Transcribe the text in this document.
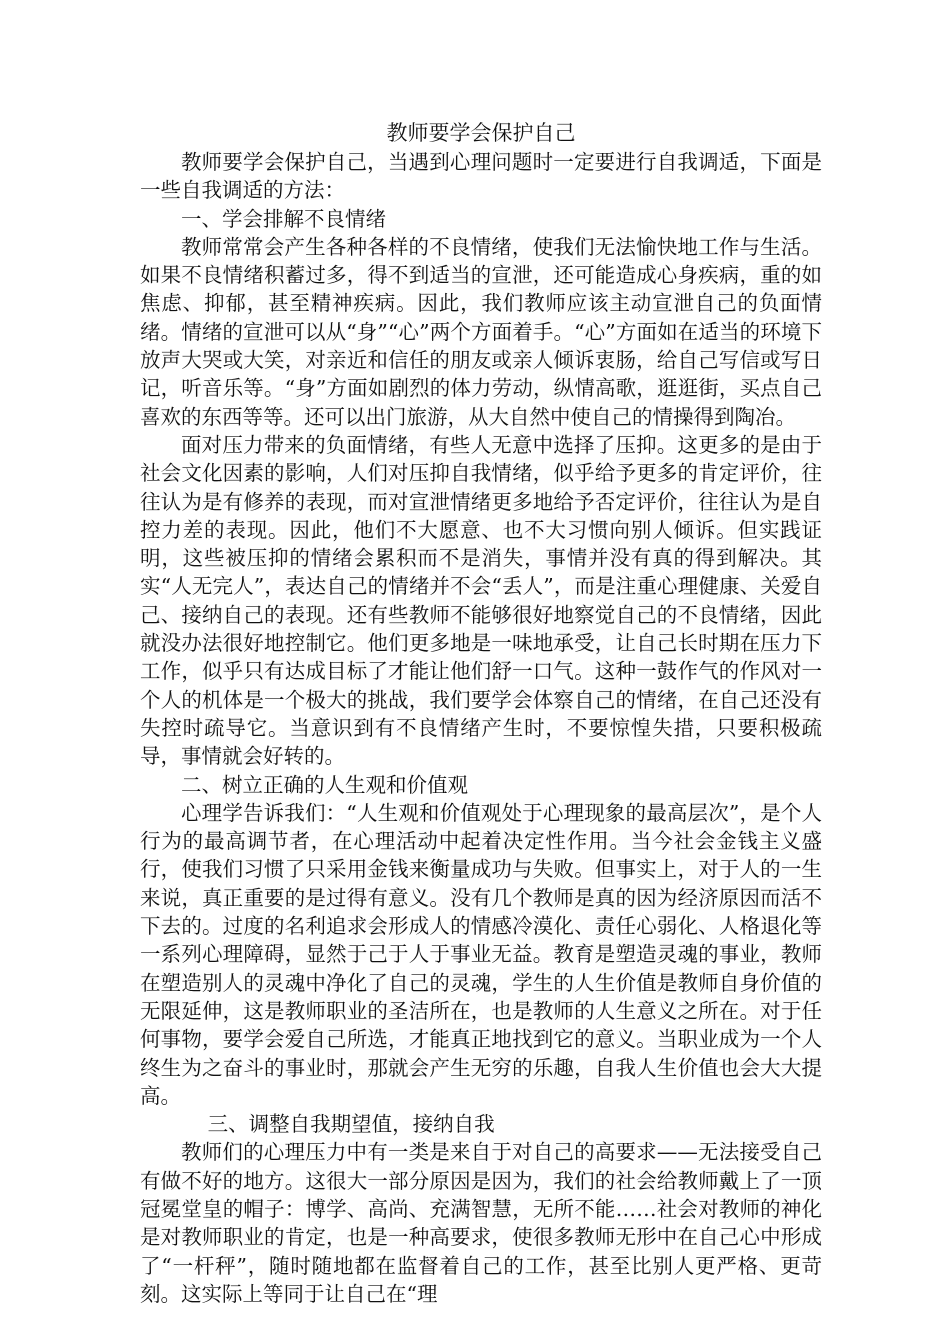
教师要学会保护自己

教师要学会保护自己，当遇到心理问题时一定要进行自我调适，下面是一些自我调适的方法：

一、学会排解不良情绪

教师常常会产生各种各样的不良情绪，使我们无法愉快地工作与生活。如果不良情绪积蓄过多，得不到适当的宣泄，还可能造成心身疾病，重的如焦虑、抑郁，甚至精神疾病。因此，我们教师应该主动宣泄自己的负面情绪。情绪的宣泄可以从“身”“心”两个方面着手。“心”方面如在适当的环境下放声大哭或大笑，对亲近和信任的朋友或亲人倾诉衷肠，给自己写信或写日记，听音乐等。“身”方面如剧烈的体力劳动，纵情高歌，逛逛街，买点自己喜欢的东西等等。还可以出门旅游，从大自然中使自己的情操得到陶冶。

面对压力带来的负面情绪，有些人无意中选择了压抑。这更多的是由于社会文化因素的影响，人们对压抑自我情绪，似乎给予更多的肯定评价，往往认为是有修养的表现，而对宣泄情绪更多地给予否定评价，往往认为是自控力差的表现。因此，他们不大愿意、也不大习惯向别人倾诉。但实践证明，这些被压抑的情绪会累积而不是消失，事情并没有真的得到解决。其实“人无完人”，表达自己的情绪并不会“丢人”，而是注重心理健康、关爱自己、接纳自己的表现。还有些教师不能够很好地察觉自己的不良情绪，因此就没办法很好地控制它。他们更多地是一味地承受，让自己长时期在压力下工作，似乎只有达成目标了才能让他们舒一口气。这种一鼓作气的作风对一个人的机体是一个极大的挑战，我们要学会体察自己的情绪，在自己还没有失控时疏导它。当意识到有不良情绪产生时，不要惊惶失措，只要积极疏导，事情就会好转的。

二、树立正确的人生观和价值观

心理学告诉我们：“人生观和价值观处于心理现象的最高层次”，是个人行为的最高调节者，在心理活动中起着决定性作用。当今社会金钱主义盛行，使我们习惯了只采用金钱来衡量成功与失败。但事实上，对于人的一生来说，真正重要的是过得有意义。没有几个教师是真的因为经济原因而活不下去的。过度的名利追求会形成人的情感冷漠化、责任心弱化、人格退化等一系列心理障碍，显然于己于人于事业无益。教育是塑造灵魂的事业，教师在塑造别人的灵魂中净化了自己的灵魂，学生的人生价值是教师自身价值的无限延伸，这是教师职业的圣洁所在，也是教师的人生意义之所在。对于任何事物，要学会爱自己所选，才能真正地找到它的意义。当职业成为一个人终生为之奋斗的事业时，那就会产生无穷的乐趣，自我人生价值也会大大提高。

三、调整自我期望值，接纳自我

教师们的心理压力中有一类是来自于对自己的高要求——无法接受自己有做不好的地方。这很大一部分原因是因为，我们的社会给教师戴上了一顶冠冕堂皇的帽子：博学、高尚、充满智慧，无所不能……社会对教师的神化是对教师职业的肯定，也是一种高要求，使很多教师无形中在自己心中形成了“一杆秤”，随时随地都在监督着自己的工作，甚至比别人更严格、更苛刻。这实际上等同于让自己在“理
